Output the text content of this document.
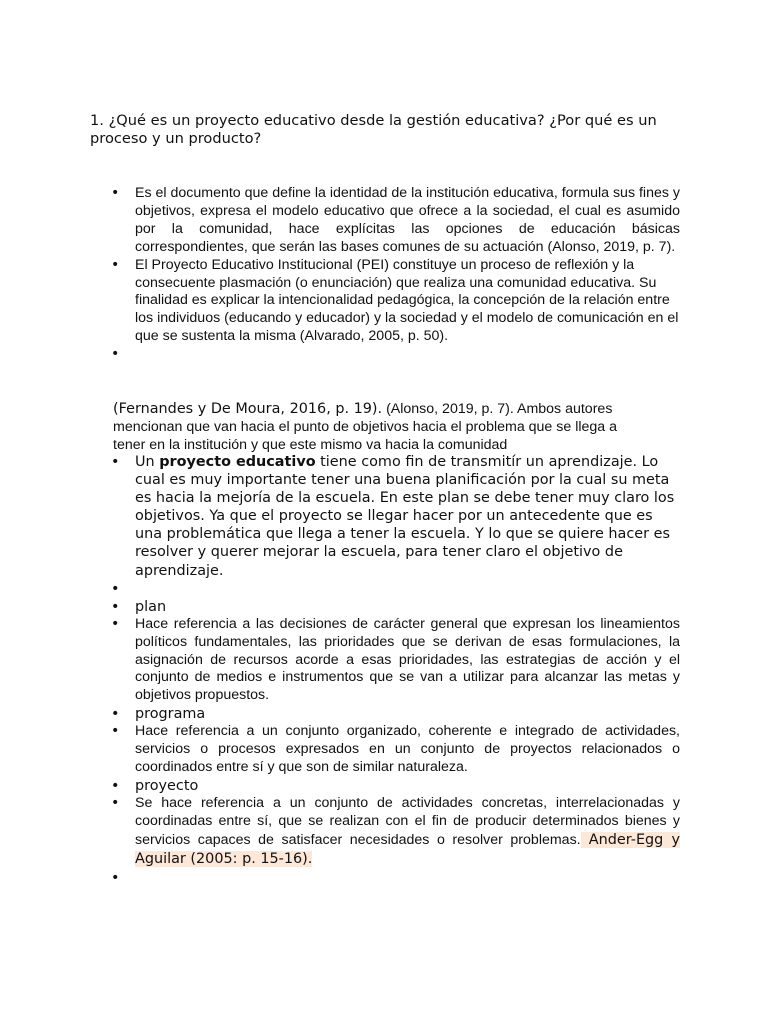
1. ¿Qué es un proyecto educativo desde la gestión educativa? ¿Por qué es un proceso y un producto?

• Es el documento que define la identidad de la institución educativa, formula sus fines y objetivos, expresa el modelo educativo que ofrece a la sociedad, el cual es asumido por la comunidad, hace explícitas las opciones de educación básicas correspondientes, que serán las bases comunes de su actuación (Alonso, 2019, p. 7).
• El Proyecto Educativo Institucional (PEI) constituye un proceso de reflexión y la consecuente plasmación (o enunciación) que realiza una comunidad educativa. Su finalidad es explicar la intencionalidad pedagógica, la concepción de la relación entre los individuos (educando y educador) y la sociedad y el modelo de comunicación en el que se sustenta la misma (Alvarado, 2005, p. 50).
•

(Fernandes y De Moura, 2016, p. 19). (Alonso, 2019, p. 7). Ambos autores mencionan que van hacia el punto de objetivos hacia el problema que se llega a tener en la institución y que este mismo va hacia la comunidad

• Un proyecto educativo tiene como fin de transmitír un aprendizaje. Lo cual es muy importante tener una buena planificación por la cual su meta es hacia la mejoría de la escuela. En este plan se debe tener muy claro los objetivos. Ya que el proyecto se llegar hacer por un antecedente que es una problemática que llega a tener la escuela. Y lo que se quiere hacer es resolver y querer mejorar la escuela, para tener claro el objetivo de aprendizaje.
•
• plan
• Hace referencia a las decisiones de carácter general que expresan los lineamientos políticos fundamentales, las prioridades que se derivan de esas formulaciones, la asignación de recursos acorde a esas prioridades, las estrategias de acción y el conjunto de medios e instrumentos que se van a utilizar para alcanzar las metas y objetivos propuestos.
• programa
• Hace referencia a un conjunto organizado, coherente e integrado de actividades, servicios o procesos expresados en un conjunto de proyectos relacionados o coordinados entre sí y que son de similar naturaleza.
• proyecto
• Se hace referencia a un conjunto de actividades concretas, interrelacionadas y coordinadas entre sí, que se realizan con el fin de producir determinados bienes y servicios capaces de satisfacer necesidades o resolver problemas. Ander-Egg y Aguilar (2005: p. 15-16).
•
